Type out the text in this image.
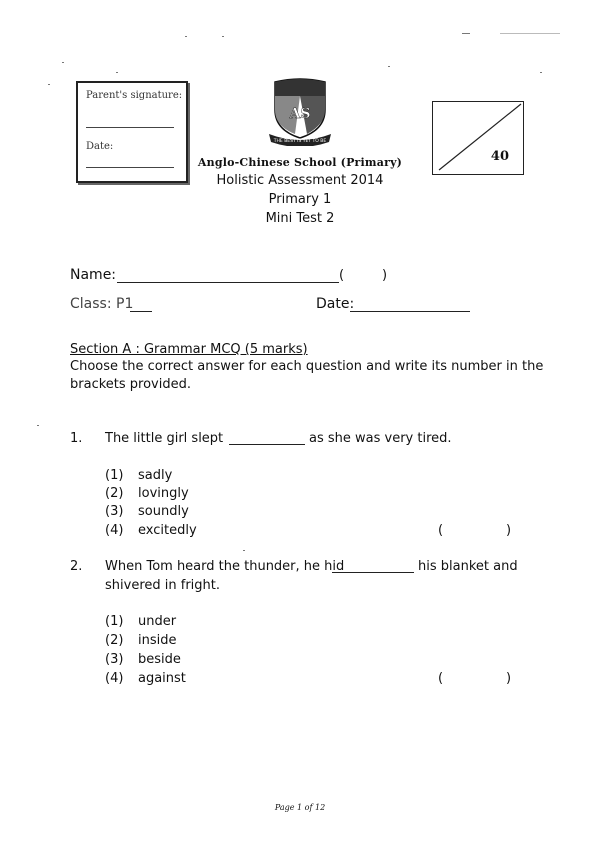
Parent's signature:
Date:
AS
THE BEST IS YET TO BE
Anglo-Chinese School (Primary)
Holistic Assessment 2014
Primary 1
Mini Test 2
40
Name:	(	)
Class: P1	Date:
Section A : Grammar MCQ (5 marks)
Choose the correct answer for each question and write its number in the
brackets provided.
1. The little girl slept	as she was very tired.
(1) sadly
(2) lovingly
(3) soundly
(4) excitedly	(	)
2. When Tom heard the thunder, he hid	his blanket and
shivered in fright.
(1) under
(2) inside
(3) beside
(4) against	(	)
Page 1 of 12
